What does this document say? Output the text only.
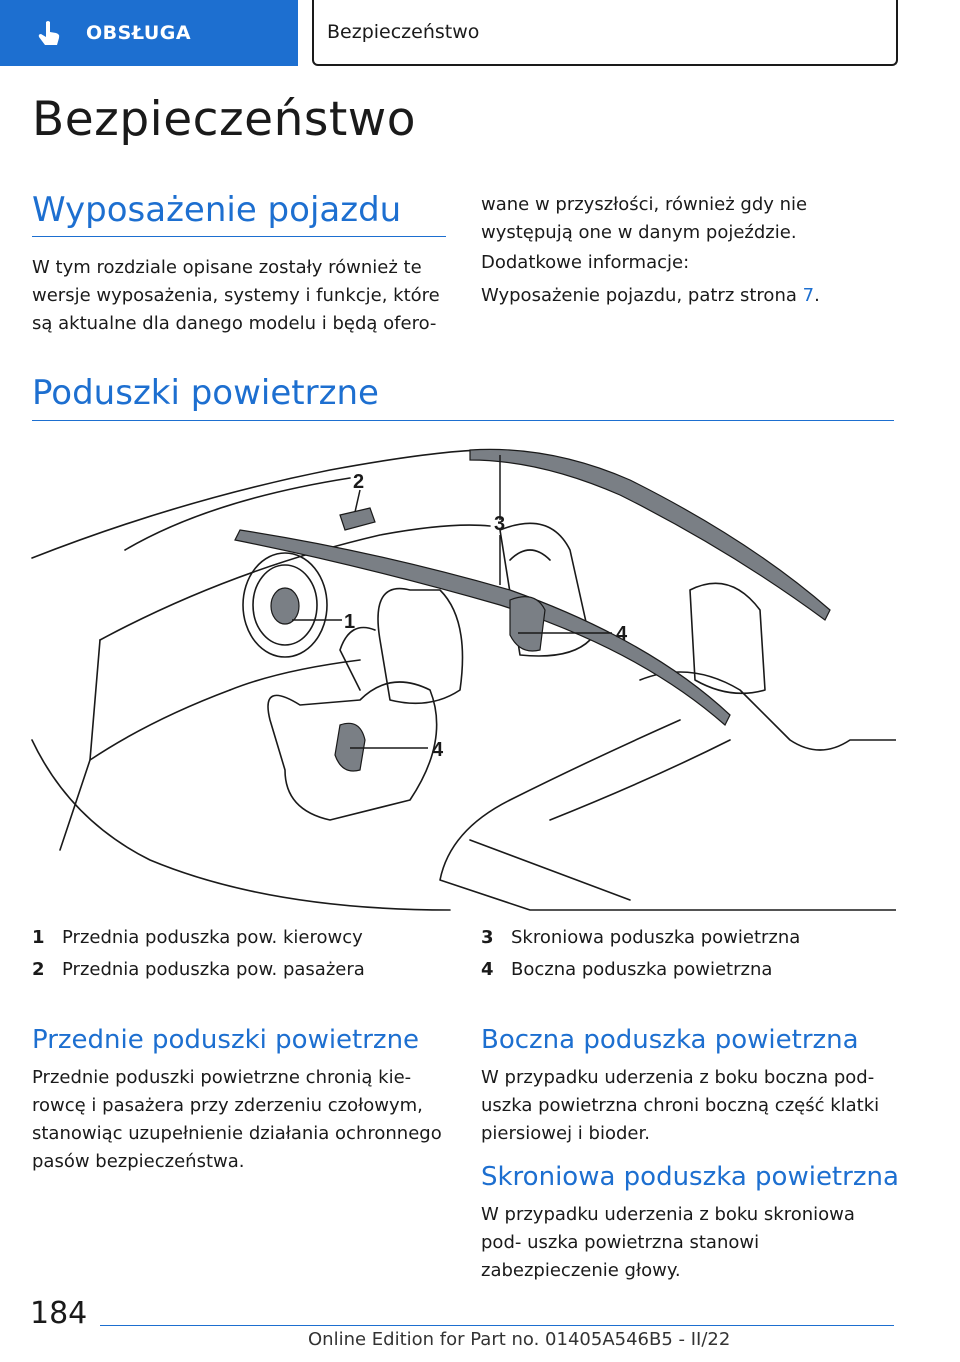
OBSŁUGA	Bezpieczeństwo
Bezpieczeństwo
Wyposażenie pojazdu
W tym rozdziale opisane zostały również te wersje wyposażenia, systemy i funkcje, które są aktualne dla danego modelu i będą ofero-
wane w przyszłości, również gdy nie występują one w danym pojeździe.
Dodatkowe informacje:
Wyposażenie pojazdu, patrz strona 7.
Poduszki powietrzne
1
2
3
4
4
1 Przednia poduszka pow. kierowcy
2 Przednia poduszka pow. pasażera
3 Skroniowa poduszka powietrzna
4 Boczna poduszka powietrzna
Przednie poduszki powietrzne
Przednie poduszki powietrzne chronią kie- rowcę i pasażera przy zderzeniu czołowym, stanowiąc uzupełnienie działania ochronnego pasów bezpieczeństwa.
Boczna poduszka powietrzna
W przypadku uderzenia z boku boczna pod- uszka powietrzna chroni boczną część klatki piersiowej i bioder.
Skroniowa poduszka powietrzna
W przypadku uderzenia z boku skroniowa pod- uszka powietrzna stanowi zabezpieczenie głowy.
184
Online Edition for Part no. 01405A546B5 - II/22
